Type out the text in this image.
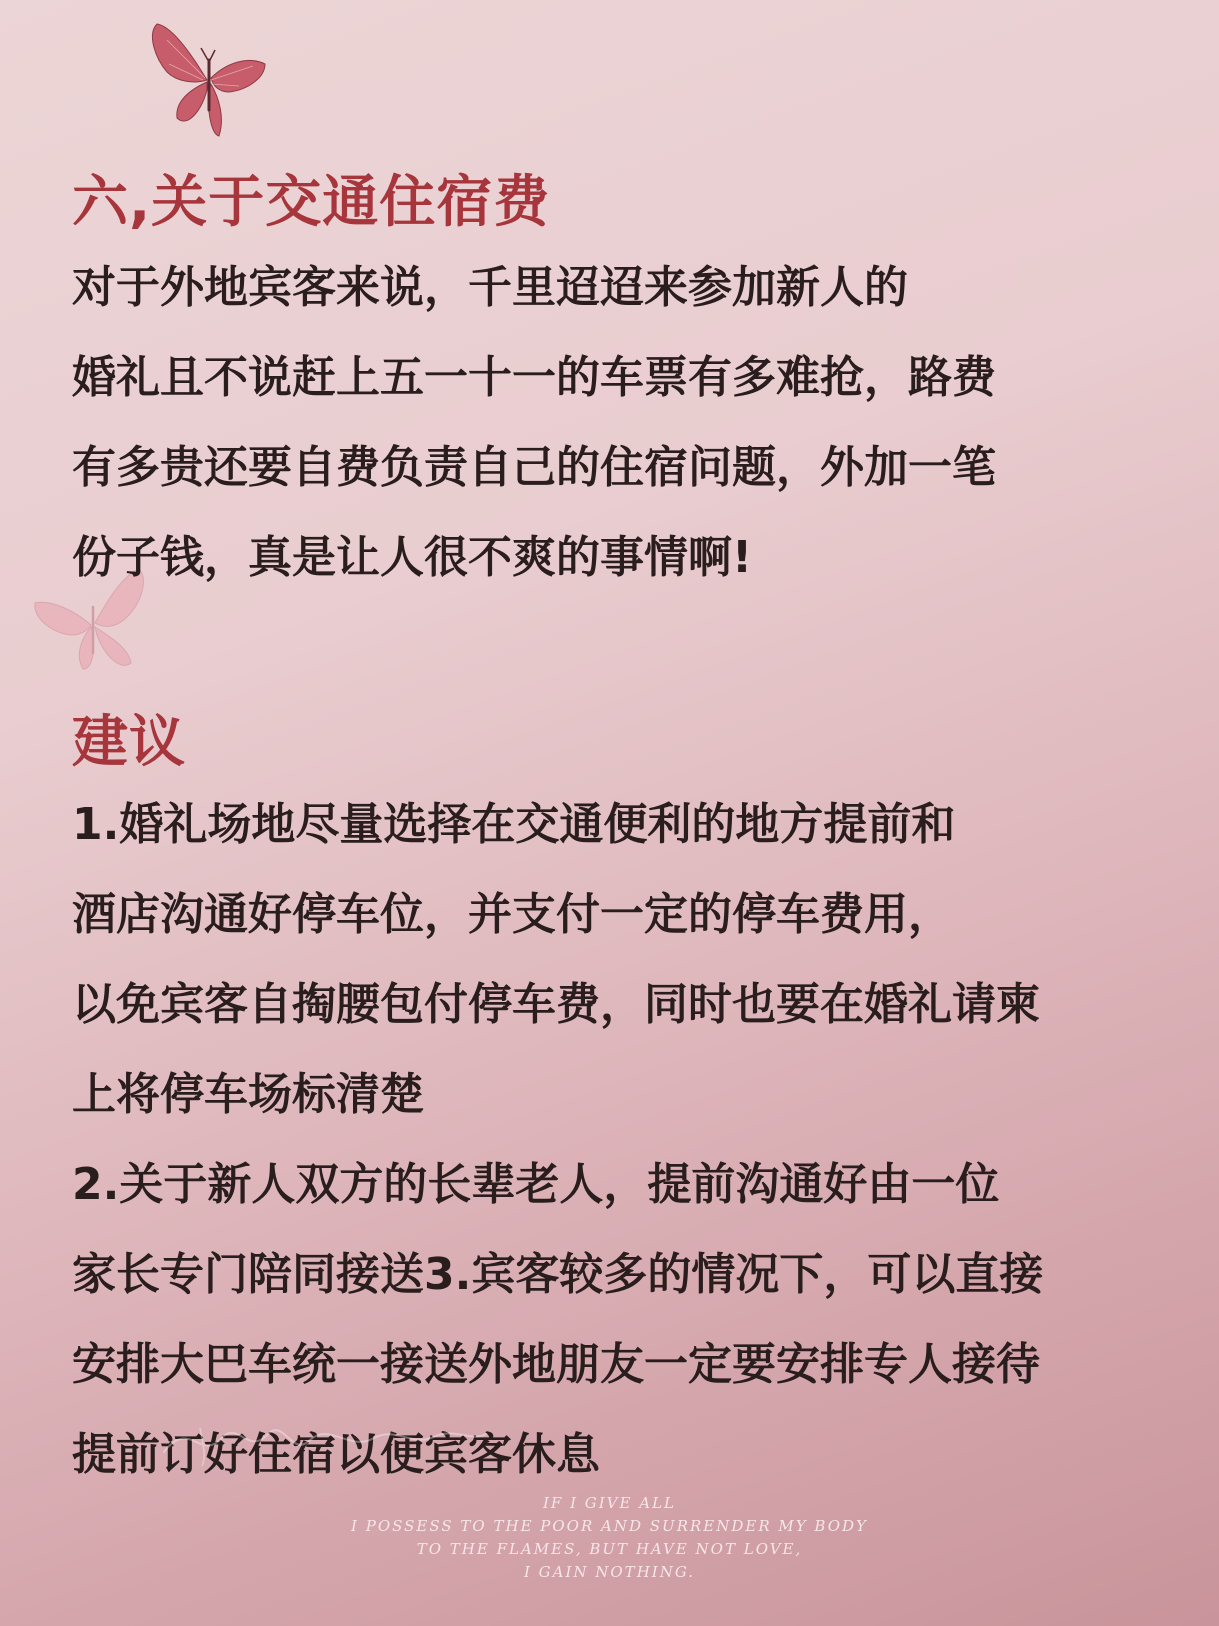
六,关于交通住宿费

对于外地宾客来说，千里迢迢来参加新人的
婚礼且不说赶上五一十一的车票有多难抢，路费
有多贵还要自费负责自己的住宿问题，外加一笔
份子钱，真是让人很不爽的事情啊!

建议

1.婚礼场地尽量选择在交通便利的地方提前和
酒店沟通好停车位，并支付一定的停车费用，
以免宾客自掏腰包付停车费，同时也要在婚礼请柬
上将停车场标清楚
2.关于新人双方的长辈老人，提前沟通好由一位
家长专门陪同接送3.宾客较多的情况下，可以直接
安排大巴车统一接送外地朋友一定要安排专人接待
提前订好住宿以便宾客休息

IF I GIVE ALL
I POSSESS TO THE POOR AND SURRENDER MY BODY
TO THE FLAMES, BUT HAVE NOT LOVE,
I GAIN NOTHING.
